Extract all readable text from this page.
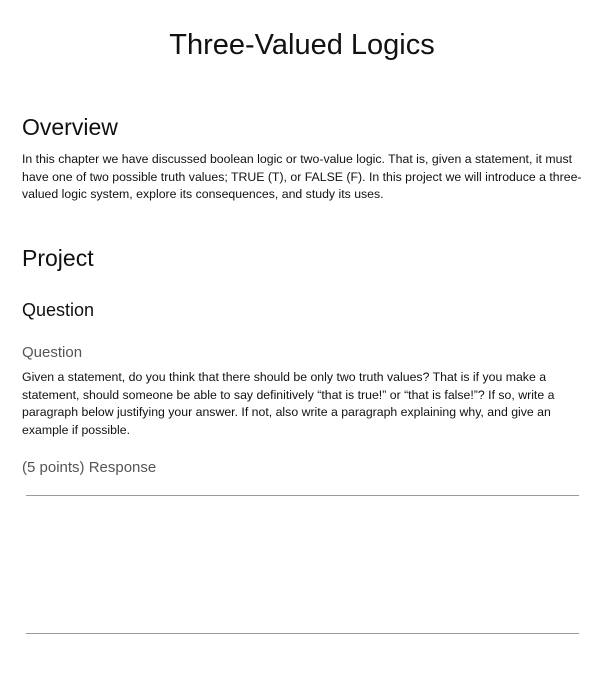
Three-Valued Logics
Overview

In this chapter we have discussed boolean logic or two-value logic. That is, given a statement, it must have one of two possible truth values; TRUE (T), or FALSE (F). In this project we will introduce a three-valued logic system, explore its consequences, and study its uses.

Project
Question
Question

Given a statement, do you think that there should be only two truth values? That is if you make a statement, should someone be able to say definitively “that is true!” or “that is false!”? If so, write a paragraph below justifying your answer. If not, also write a paragraph explaining why, and give an example if possible.

(5 points) Response
